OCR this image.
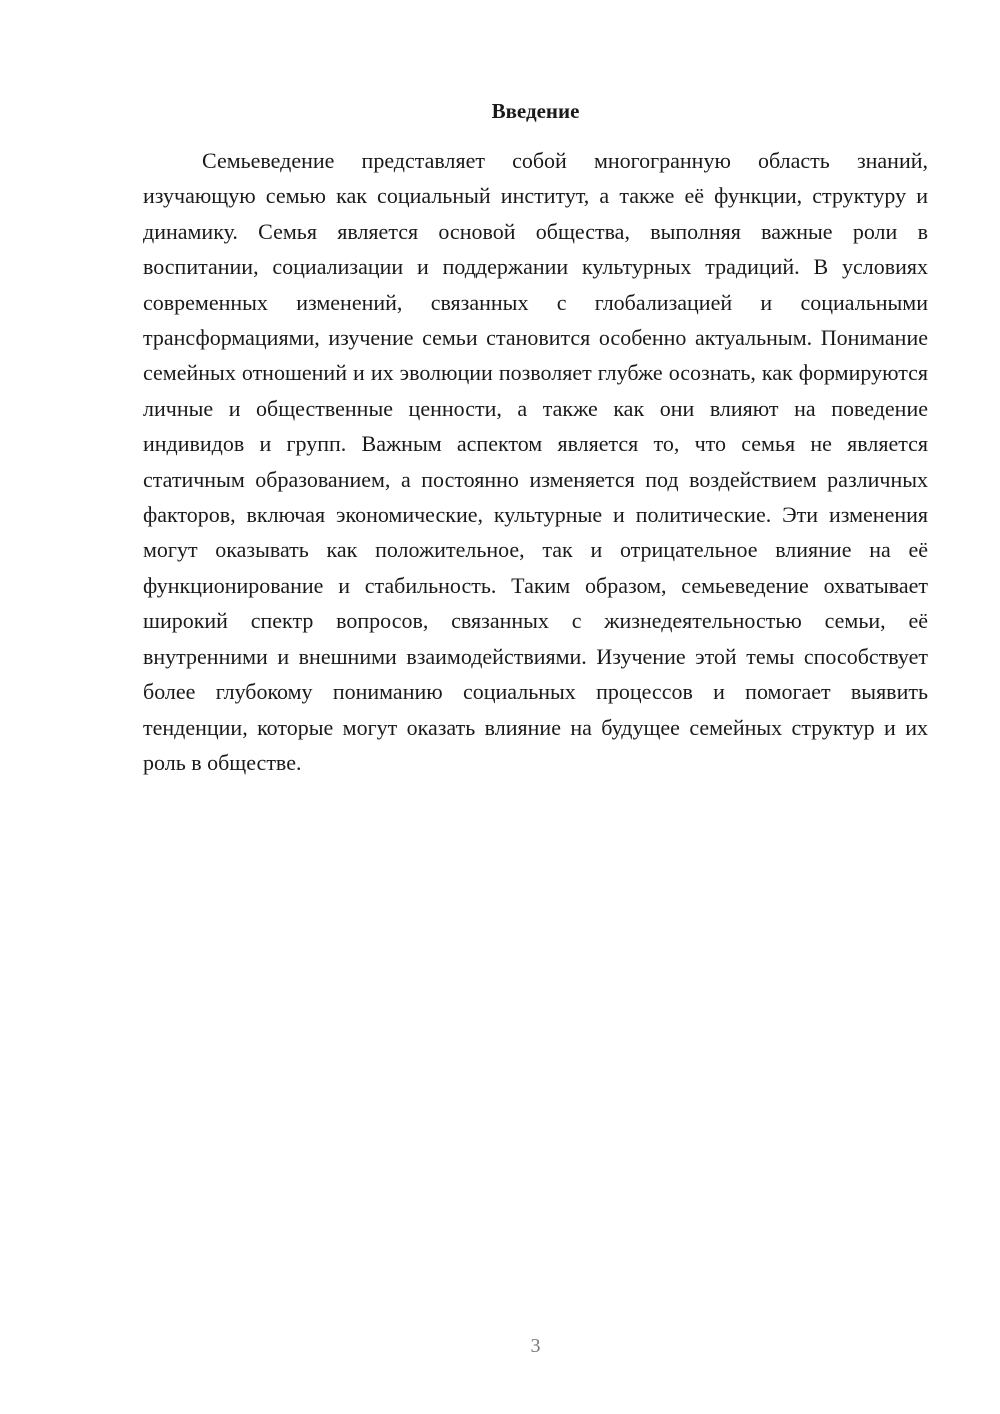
Введение

Семьеведение представляет собой многогранную область знаний, изучающую семью как социальный институт, а также её функции, структуру и динамику. Семья является основой общества, выполняя важные роли в воспитании, социализации и поддержании культурных традиций. В условиях современных изменений, связанных с глобализацией и социальными трансформациями, изучение семьи становится особенно актуальным. Понимание семейных отношений и их эволюции позволяет глубже осознать, как формируются личные и общественные ценности, а также как они влияют на поведение индивидов и групп. Важным аспектом является то, что семья не является статичным образованием, а постоянно изменяется под воздействием различных факторов, включая экономические, культурные и политические. Эти изменения могут оказывать как положительное, так и отрицательное влияние на её функционирование и стабильность. Таким образом, семьеведение охватывает широкий спектр вопросов, связанных с жизнедеятельностью семьи, её внутренними и внешними взаимодействиями. Изучение этой темы способствует более глубокому пониманию социальных процессов и помогает выявить тенденции, которые могут оказать влияние на будущее семейных структур и их роль в обществе.

3
